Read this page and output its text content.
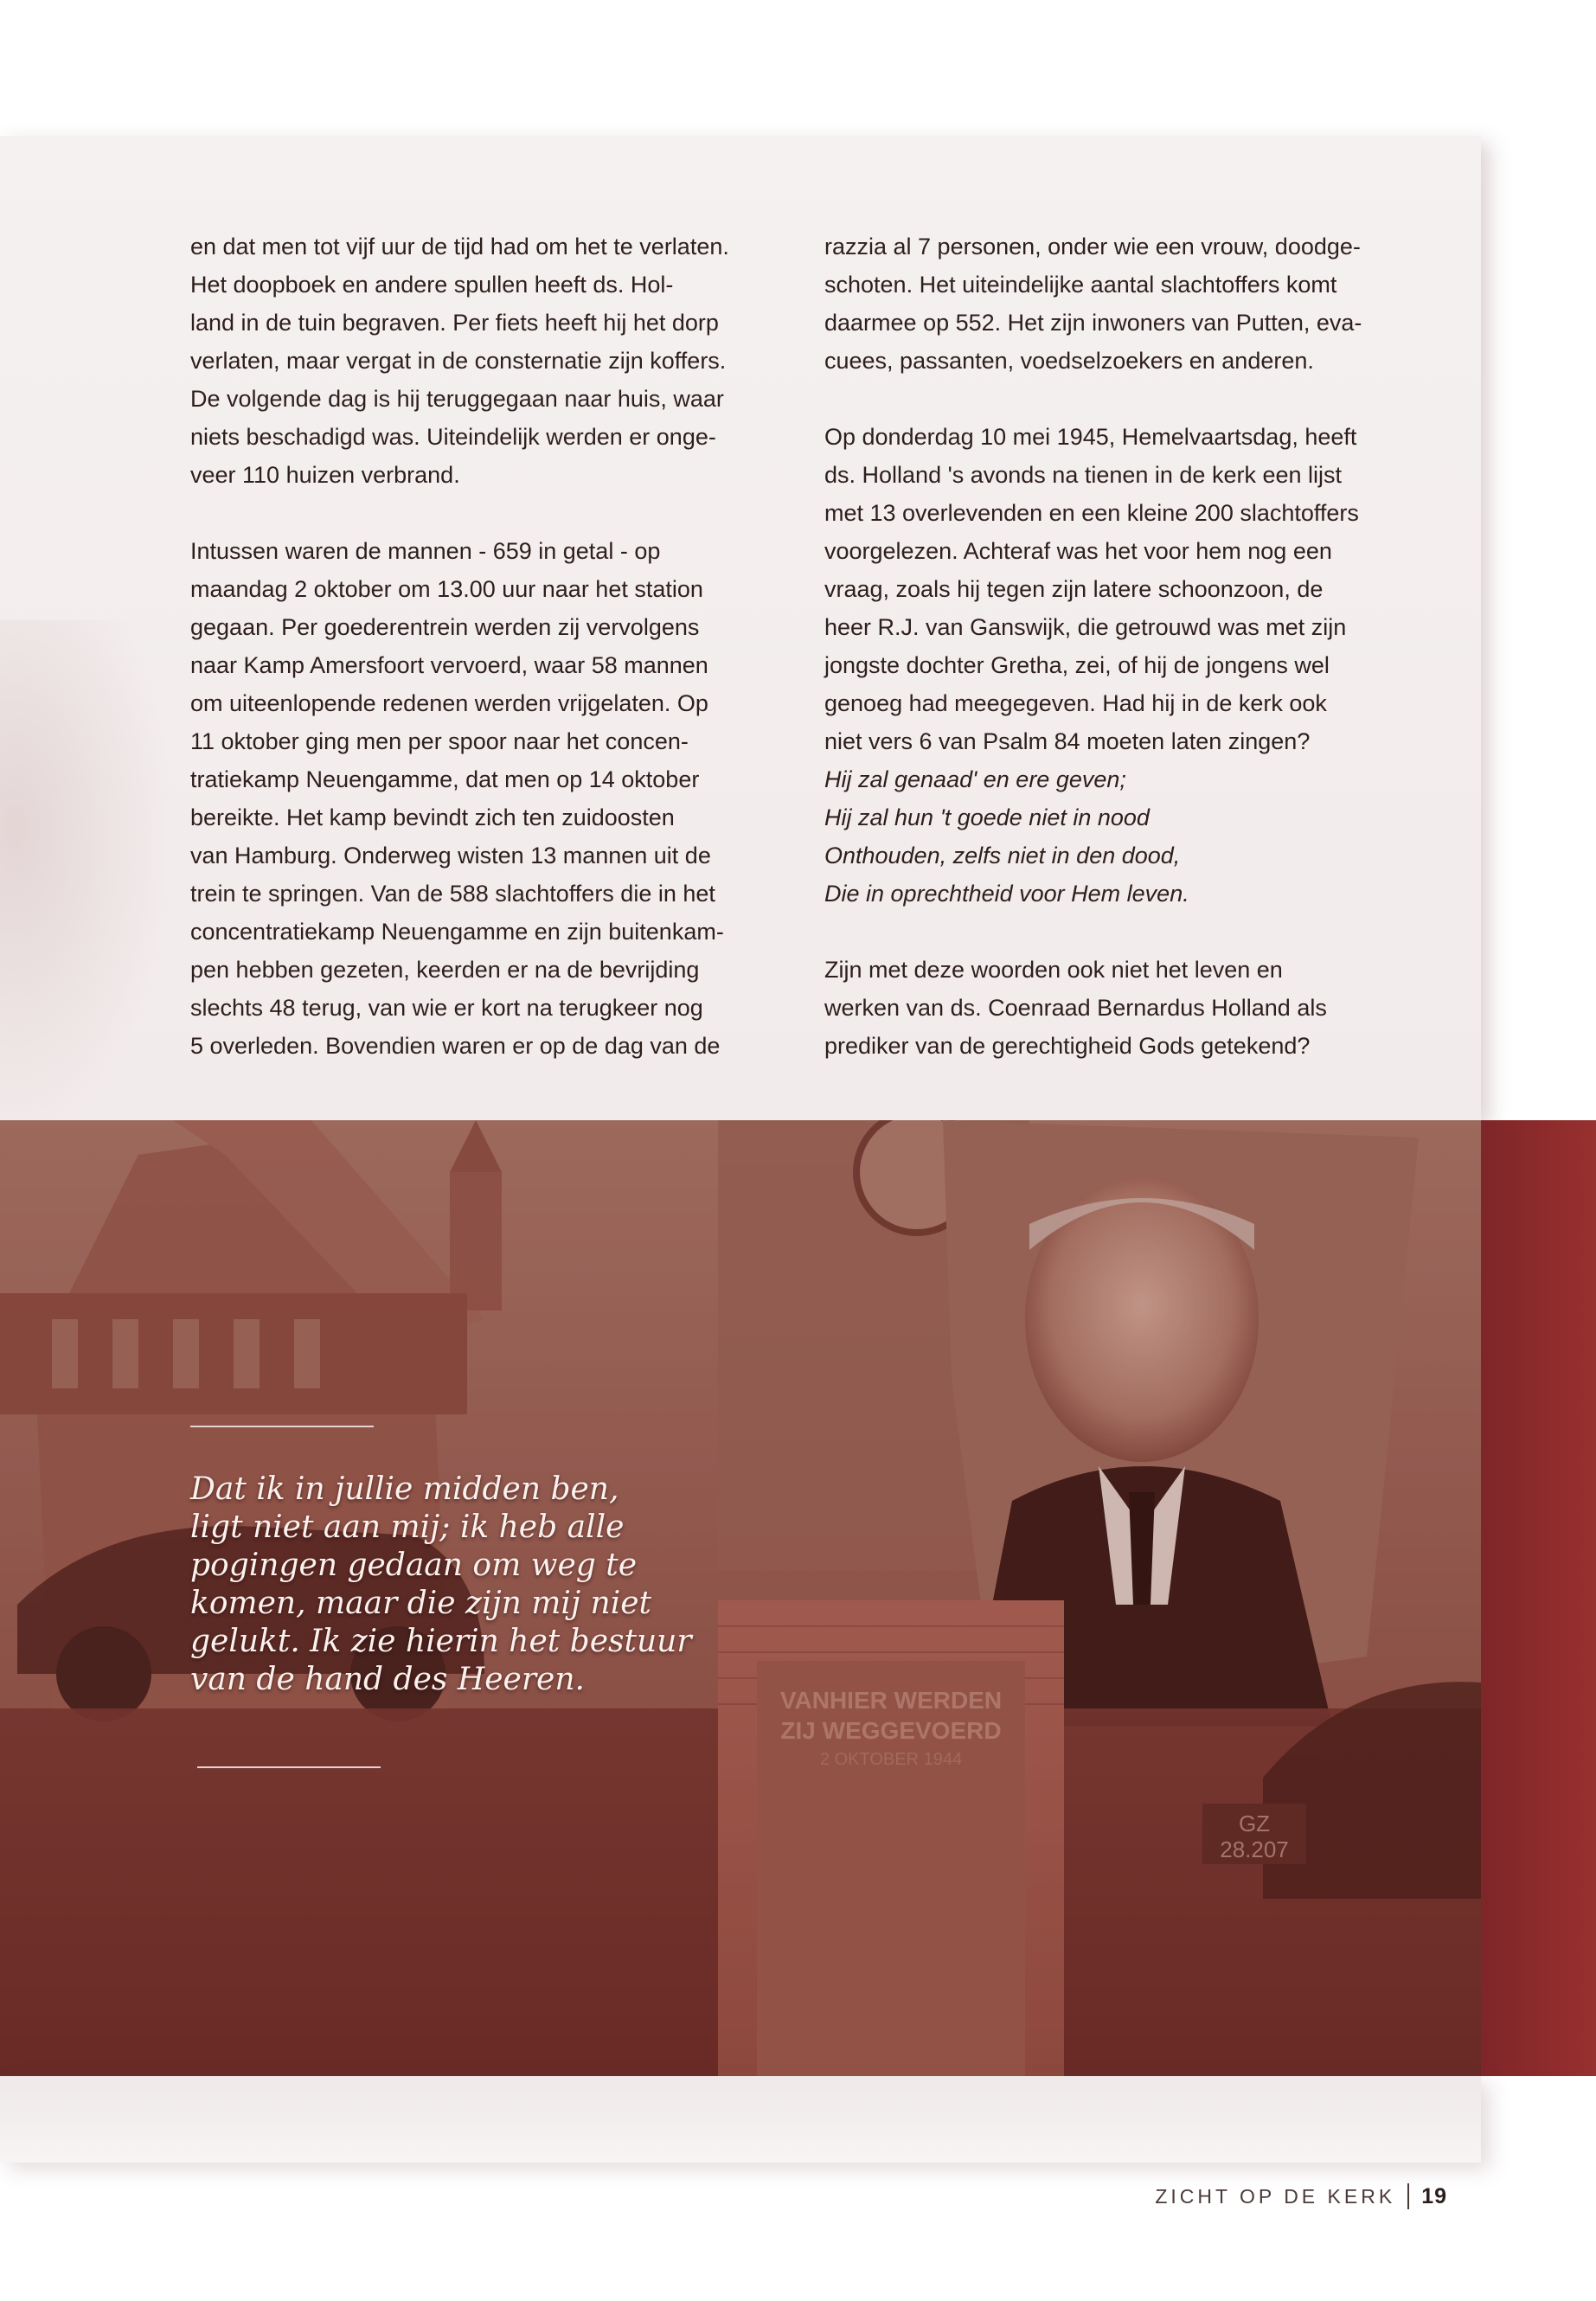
en dat men tot vijf uur de tijd had om het te verlaten.

Het doopboek en andere spullen heeft ds. Hol-

land in de tuin begraven. Per fiets heeft hij het dorp

verlaten, maar vergat in de consternatie zijn koffers.

De volgende dag is hij teruggegaan naar huis, waar

niets beschadigd was. Uiteindelijk werden er onge-

veer 110 huizen verbrand.

Intussen waren de mannen - 659 in getal - op

maandag 2 oktober om 13.00 uur naar het station

gegaan. Per goederentrein werden zij vervolgens

naar Kamp Amersfoort vervoerd, waar 58 mannen

om uiteenlopende redenen werden vrijgelaten. Op

11 oktober ging men per spoor naar het concen-

tratiekamp Neuengamme, dat men op 14 oktober

bereikte. Het kamp bevindt zich ten zuidoosten

van Hamburg. Onderweg wisten 13 mannen uit de

trein te springen. Van de 588 slachtoffers die in het

concentratiekamp Neuengamme en zijn buitenkam-

pen hebben gezeten, keerden er na de bevrijding

slechts 48 terug, van wie er kort na terugkeer nog

5 overleden. Bovendien waren er op de dag van de

razzia al 7 personen, onder wie een vrouw, doodge-

schoten. Het uiteindelijke aantal slachtoffers komt

daarmee op 552. Het zijn inwoners van Putten, eva-

cuees, passanten, voedselzoekers en anderen.

Op donderdag 10 mei 1945, Hemelvaartsdag, heeft

ds. Holland 's avonds na tienen in de kerk een lijst

met 13 overlevenden en een kleine 200 slachtoffers

voorgelezen. Achteraf was het voor hem nog een

vraag, zoals hij tegen zijn latere schoonzoon, de

heer R.J. van Ganswijk, die getrouwd was met zijn

jongste dochter Gretha, zei, of hij de jongens wel

genoeg had meegegeven. Had hij in de kerk ook

niet vers 6 van Psalm 84 moeten laten zingen?

Hij zal genaad' en ere geven;

Hij zal hun 't goede niet in nood

Onthouden, zelfs niet in den dood,

Die in oprechtheid voor Hem leven.

Zijn met deze woorden ook niet het leven en

werken van ds. Coenraad Bernardus Holland als

prediker van de gerechtigheid Gods getekend?

GZ
28.207
VANHIER WERDEN
ZIJ WEGGEVOERD
2 OKTOBER 1944

Dat ik in jullie midden ben,

ligt niet aan mij; ik heb alle

pogingen gedaan om weg te

komen, maar die zijn mij niet

gelukt. Ik zie hierin het bestuur

van de hand des Heeren.

ZICHT OP DE KERK 19
